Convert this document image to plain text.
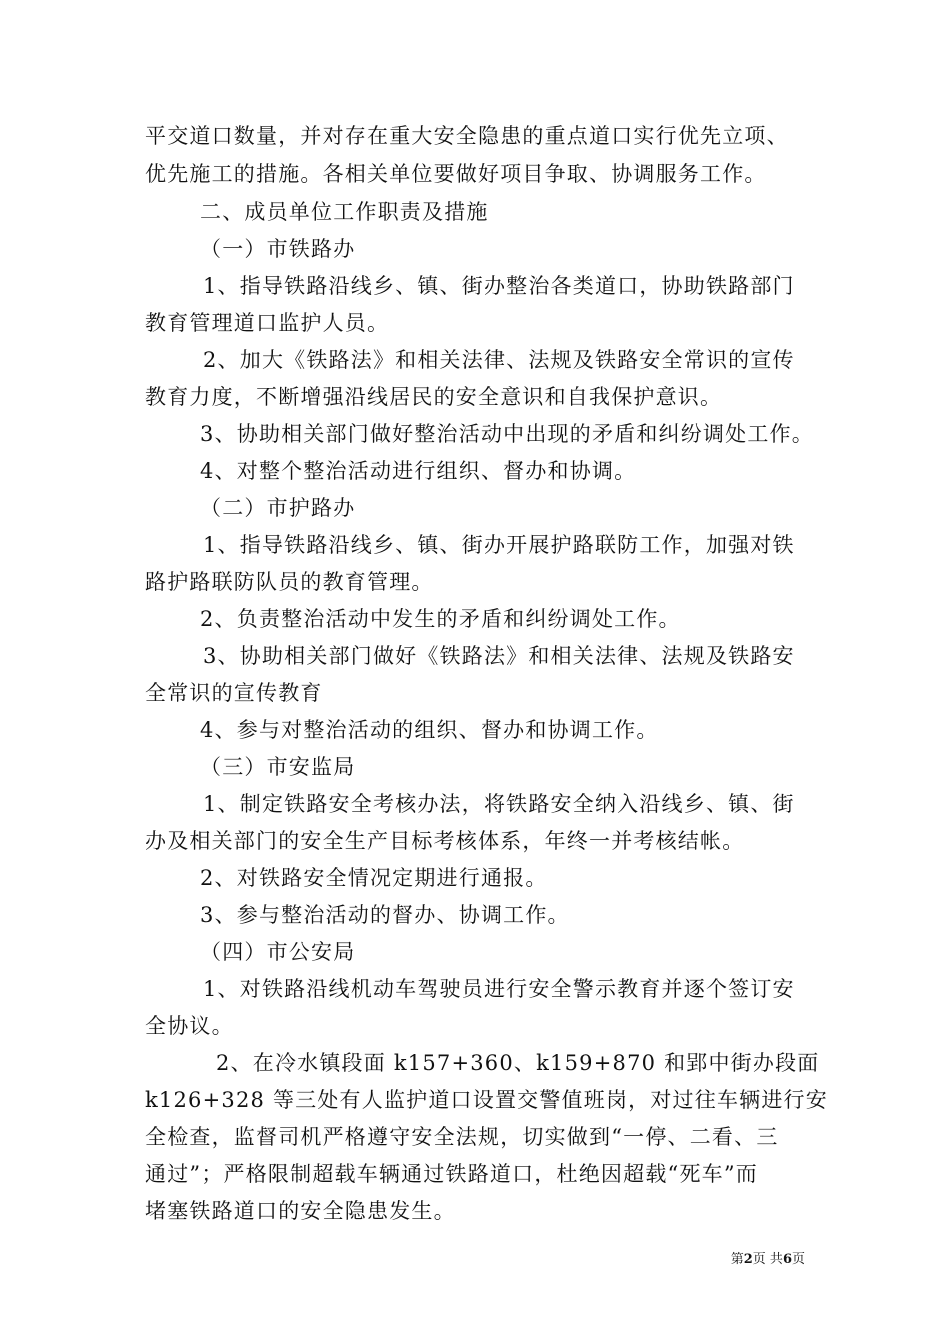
平交道口数量，并对存在重大安全隐患的重点道口实行优先立项、
优先施工的措施。各相关单位要做好项目争取、协调服务工作。
二、成员单位工作职责及措施
（一）市铁路办
1、指导铁路沿线乡、镇、街办整治各类道口，协助铁路部门
教育管理道口监护人员。
2、加大《铁路法》和相关法律、法规及铁路安全常识的宣传
教育力度，不断增强沿线居民的安全意识和自我保护意识。
3、协助相关部门做好整治活动中出现的矛盾和纠纷调处工作。
4、对整个整治活动进行组织、督办和协调。
（二）市护路办
1、指导铁路沿线乡、镇、街办开展护路联防工作，加强对铁
路护路联防队员的教育管理。
2、负责整治活动中发生的矛盾和纠纷调处工作。
3、协助相关部门做好《铁路法》和相关法律、法规及铁路安
全常识的宣传教育
4、参与对整治活动的组织、督办和协调工作。
（三）市安监局
1、制定铁路安全考核办法，将铁路安全纳入沿线乡、镇、街
办及相关部门的安全生产目标考核体系，年终一并考核结帐。
2、对铁路安全情况定期进行通报。
3、参与整治活动的督办、协调工作。
（四）市公安局
1、对铁路沿线机动车驾驶员进行安全警示教育并逐个签订安
全协议。
2、在冷水镇段面 k157+360、k159+870 和郢中街办段面
k126+328 等三处有人监护道口设置交警值班岗，对过往车辆进行安
全检查，监督司机严格遵守安全法规，切实做到“一停、二看、三
通过”；严格限制超载车辆通过铁路道口，杜绝因超载“死车”而
堵塞铁路道口的安全隐患发生。
第2页 共6页
